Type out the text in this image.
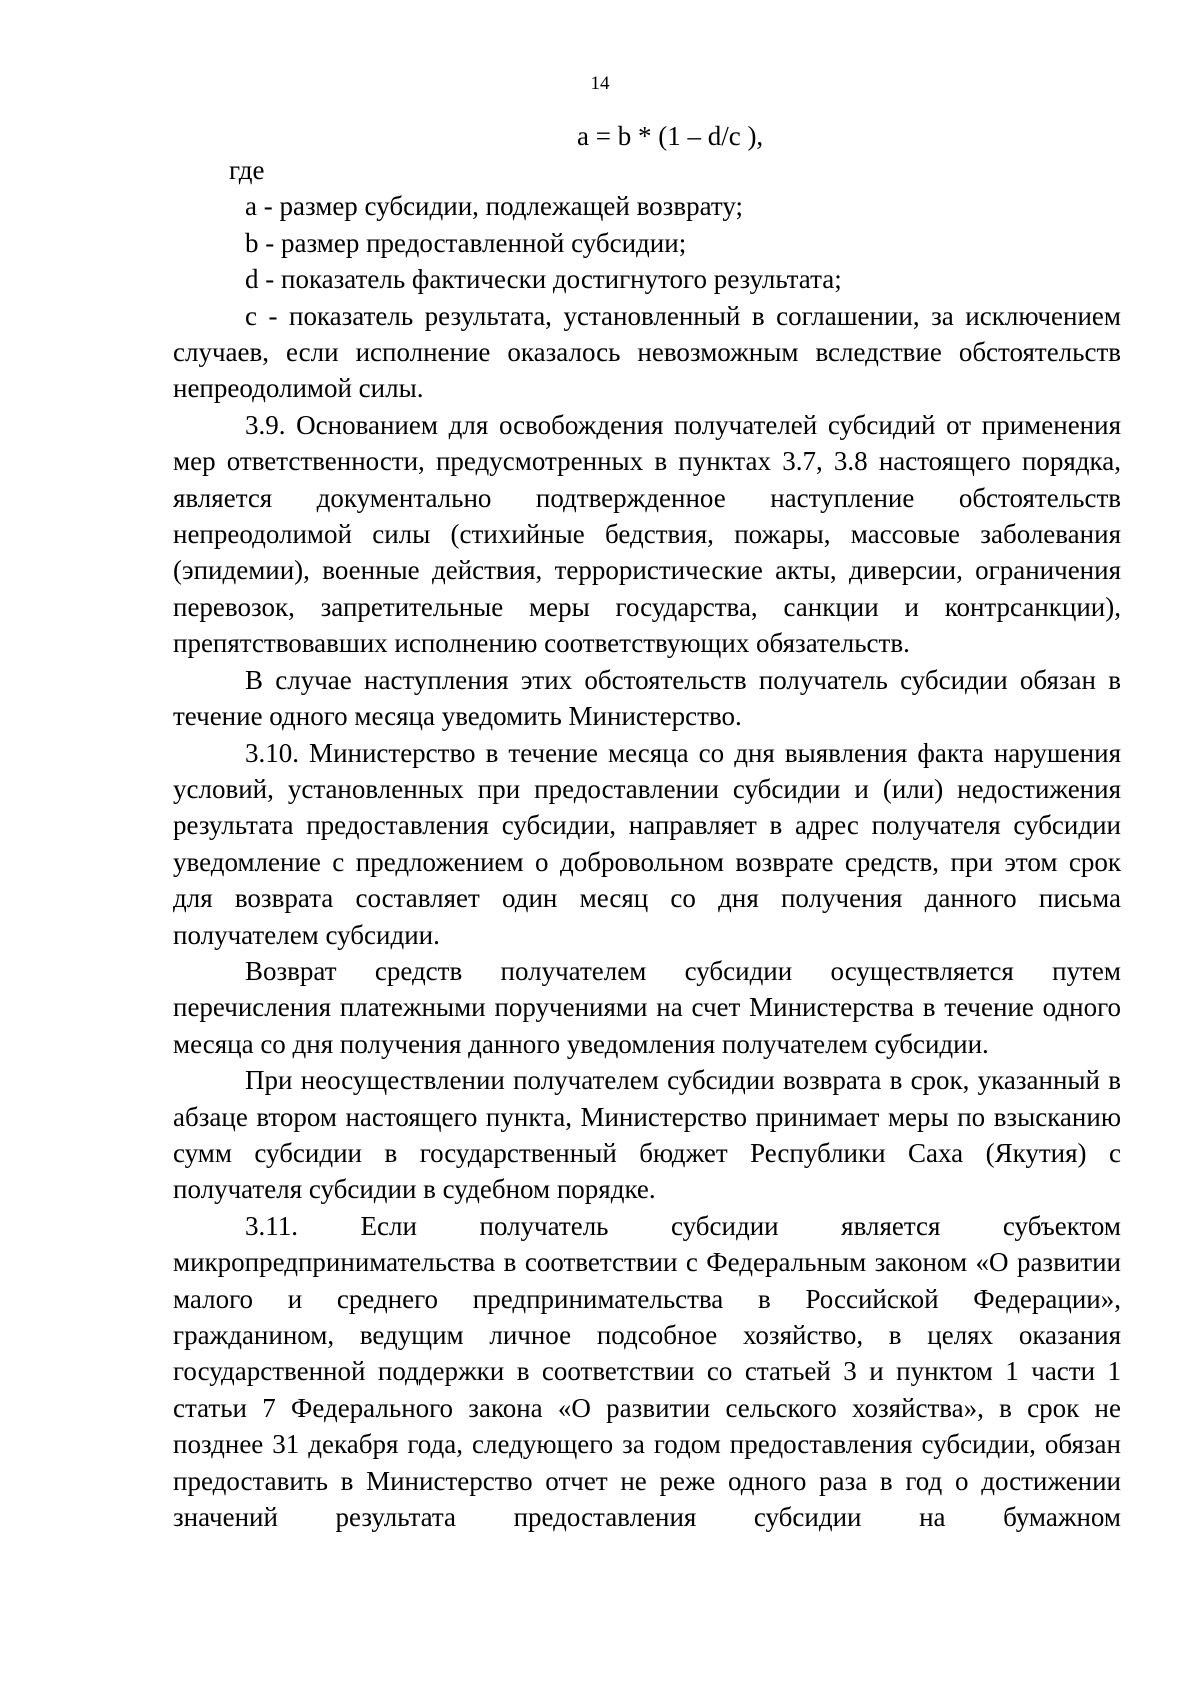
14
a = b * (1 – d/c ),

где

a - размер субсидии, подлежащей возврату;

b - размер предоставленной субсидии;

d - показатель фактически достигнутого результата;

c - показатель результата, установленный в соглашении, за исключением случаев, если исполнение оказалось невозможным вследствие обстоятельств непреодолимой силы.

3.9. Основанием для освобождения получателей субсидий от применения мер ответственности, предусмотренных в пунктах 3.7, 3.8 настоящего порядка, является документально подтвержденное наступление обстоятельств непреодолимой силы (стихийные бедствия, пожары, массовые заболевания (эпидемии), военные действия, террористические акты, диверсии, ограничения перевозок, запретительные меры государства, санкции и контрсанкции), препятствовавших исполнению соответствующих обязательств.

В случае наступления этих обстоятельств получатель субсидии обязан в течение одного месяца уведомить Министерство.

3.10. Министерство в течение месяца со дня выявления факта нарушения условий, установленных при предоставлении субсидии и (или) недостижения результата предоставления субсидии, направляет в адрес получателя субсидии уведомление с предложением о добровольном возврате средств, при этом срок для возврата составляет один месяц со дня получения данного письма получателем субсидии.

Возврат средств получателем субсидии осуществляется путем перечисления платежными поручениями на счет Министерства в течение одного месяца со дня получения данного уведомления получателем субсидии.

При неосуществлении получателем субсидии возврата в срок, указанный в абзаце втором настоящего пункта, Министерство принимает меры по взысканию сумм субсидии в государственный бюджет Республики Саха (Якутия) с получателя субсидии в судебном порядке.

3.11. Если получатель субсидии является субъектом микропредпринимательства в соответствии с Федеральным законом «О развитии малого и среднего предпринимательства в Российской Федерации», гражданином, ведущим личное подсобное хозяйство, в целях оказания государственной поддержки в соответствии со статьей 3 и пунктом 1 части 1 статьи 7 Федерального закона «О развитии сельского хозяйства», в срок не позднее 31 декабря года, следующего за годом предоставления субсидии, обязан предоставить в Министерство отчет не реже одного раза в год о достижении значений результата предоставления субсидии на бумажном
